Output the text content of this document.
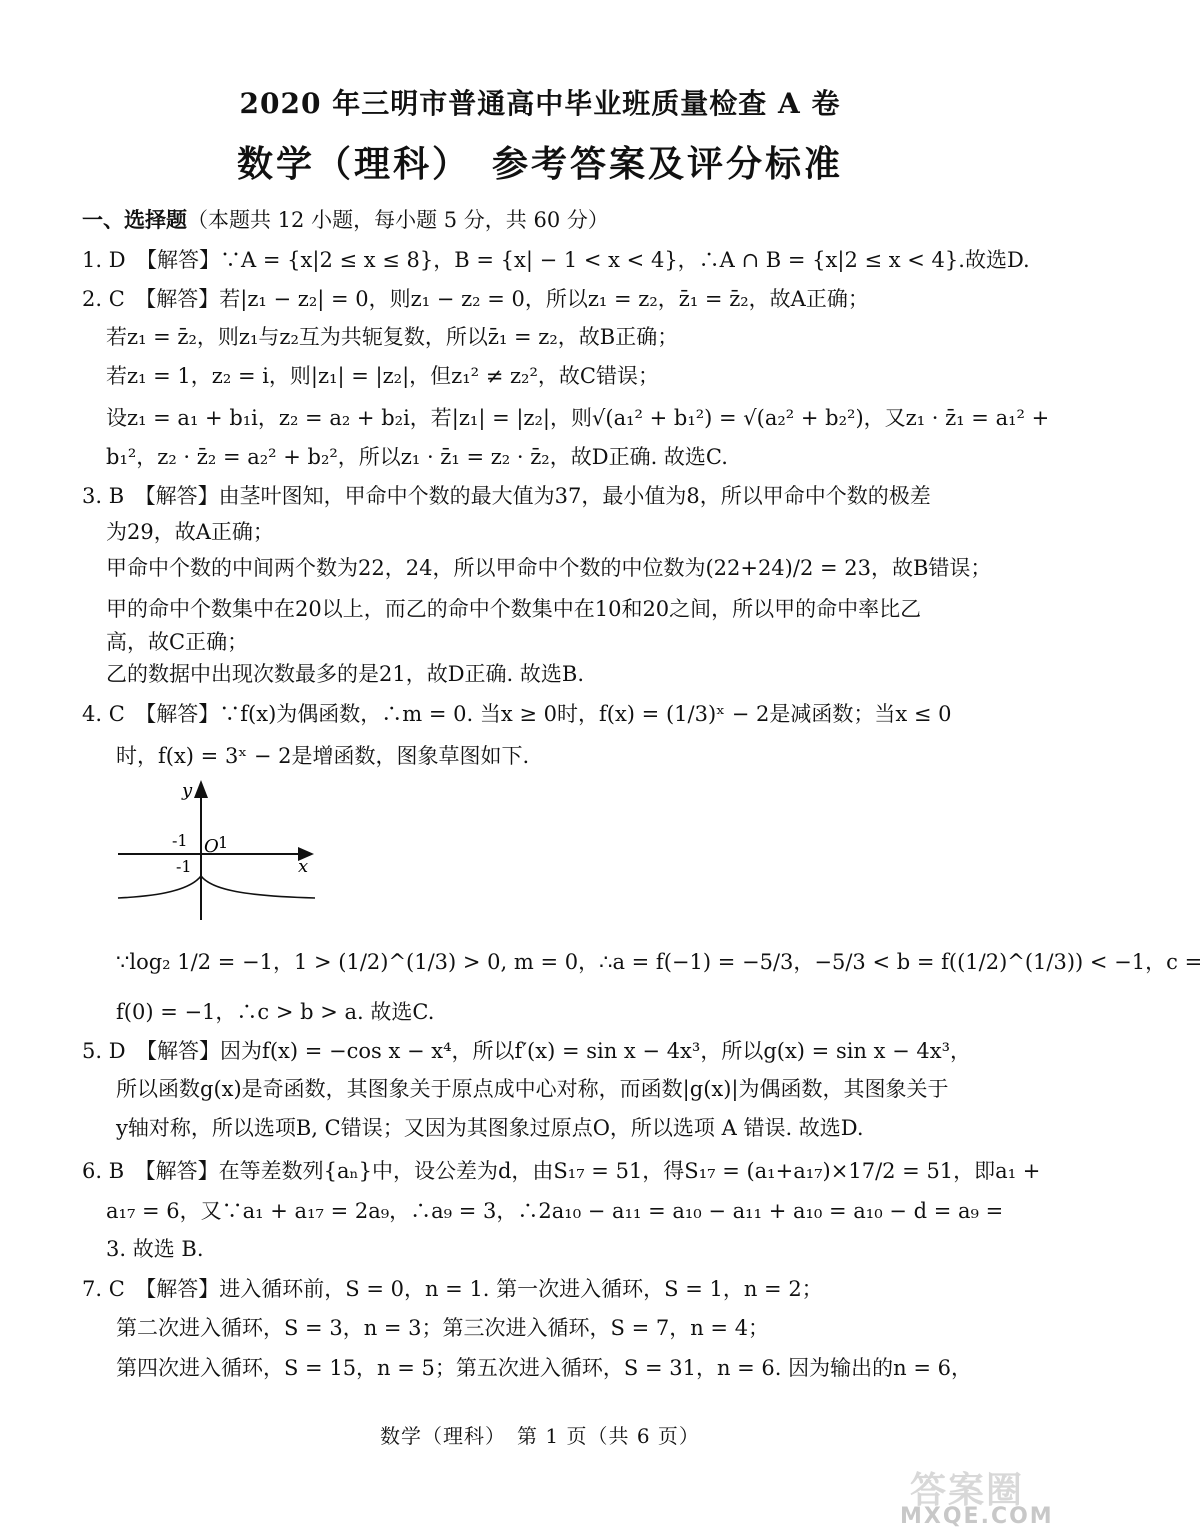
2020 年三明市普通高中毕业班质量检查 A 卷
数学（理科）　参考答案及评分标准
一、选择题（本题共 12 小题，每小题 5 分，共 60 分）
1. D　【解答】∵A = {x|2 ≤ x ≤ 8}，B = {x| − 1 < x < 4}，∴A ∩ B = {x|2 ≤ x < 4}.故选D.
2. C　【解答】若|z₁ − z₂| = 0，则z₁ − z₂ = 0，所以z₁ = z₂，z̄₁ = z̄₂，故A正确；
若z₁ = z̄₂，则z₁与z₂互为共轭复数，所以z̄₁ = z₂，故B正确；
若z₁ = 1，z₂ = i，则|z₁| = |z₂|，但z₁² ≠ z₂²，故C错误；
设z₁ = a₁ + b₁i，z₂ = a₂ + b₂i，若|z₁| = |z₂|，则√(a₁² + b₁²) = √(a₂² + b₂²)，又z₁ · z̄₁ = a₁² +
b₁²，z₂ · z̄₂ = a₂² + b₂²，所以z₁ · z̄₁ = z₂ · z̄₂，故D正确. 故选C.
3. B　【解答】由茎叶图知，甲命中个数的最大值为37，最小值为8，所以甲命中个数的极差
为29，故A正确；
甲命中个数的中间两个数为22，24，所以甲命中个数的中位数为(22+24)/2 = 23，故B错误；
甲的命中个数集中在20以上，而乙的命中个数集中在10和20之间，所以甲的命中率比乙
高，故C正确；
乙的数据中出现次数最多的是21，故D正确. 故选B.
4. C　【解答】∵f(x)为偶函数，∴m = 0. 当x ≥ 0时，f(x) = (1/3)ˣ − 2是减函数；当x ≤ 0
时，f(x) = 3ˣ − 2是增函数，图象草图如下.
y
x
O
-1 1
-1
∵log₂ 1/2 = −1，1 > (1/2)^(1/3) > 0, m = 0，∴a = f(−1) = −5/3，−5/3 < b = f((1/2)^(1/3)) < −1，c =
f(0) = −1，∴c > b > a. 故选C.
5. D　【解答】因为f(x) = −cos x − x⁴，所以f′(x) = sin x − 4x³，所以g(x) = sin x − 4x³，
所以函数g(x)是奇函数，其图象关于原点成中心对称，而函数|g(x)|为偶函数，其图象关于
y轴对称，所以选项B, C错误；又因为其图象过原点O，所以选项 A 错误. 故选D.
6. B　【解答】在等差数列{aₙ}中，设公差为d，由S₁₇ = 51，得S₁₇ = (a₁+a₁₇)×17/2 = 51，即a₁ +
a₁₇ = 6，又∵a₁ + a₁₇ = 2a₉，∴a₉ = 3，∴2a₁₀ − a₁₁ = a₁₀ − a₁₁ + a₁₀ = a₁₀ − d = a₉ =
3. 故选 B.
7. C　【解答】进入循环前，S = 0，n = 1. 第一次进入循环，S = 1，n = 2；
第二次进入循环，S = 3，n = 3；第三次进入循环，S = 7，n = 4；
第四次进入循环，S = 15，n = 5；第五次进入循环，S = 31，n = 6. 因为输出的n = 6，
数学（理科）　第 1 页（共 6 页）
答案圈
MXQE.COM
